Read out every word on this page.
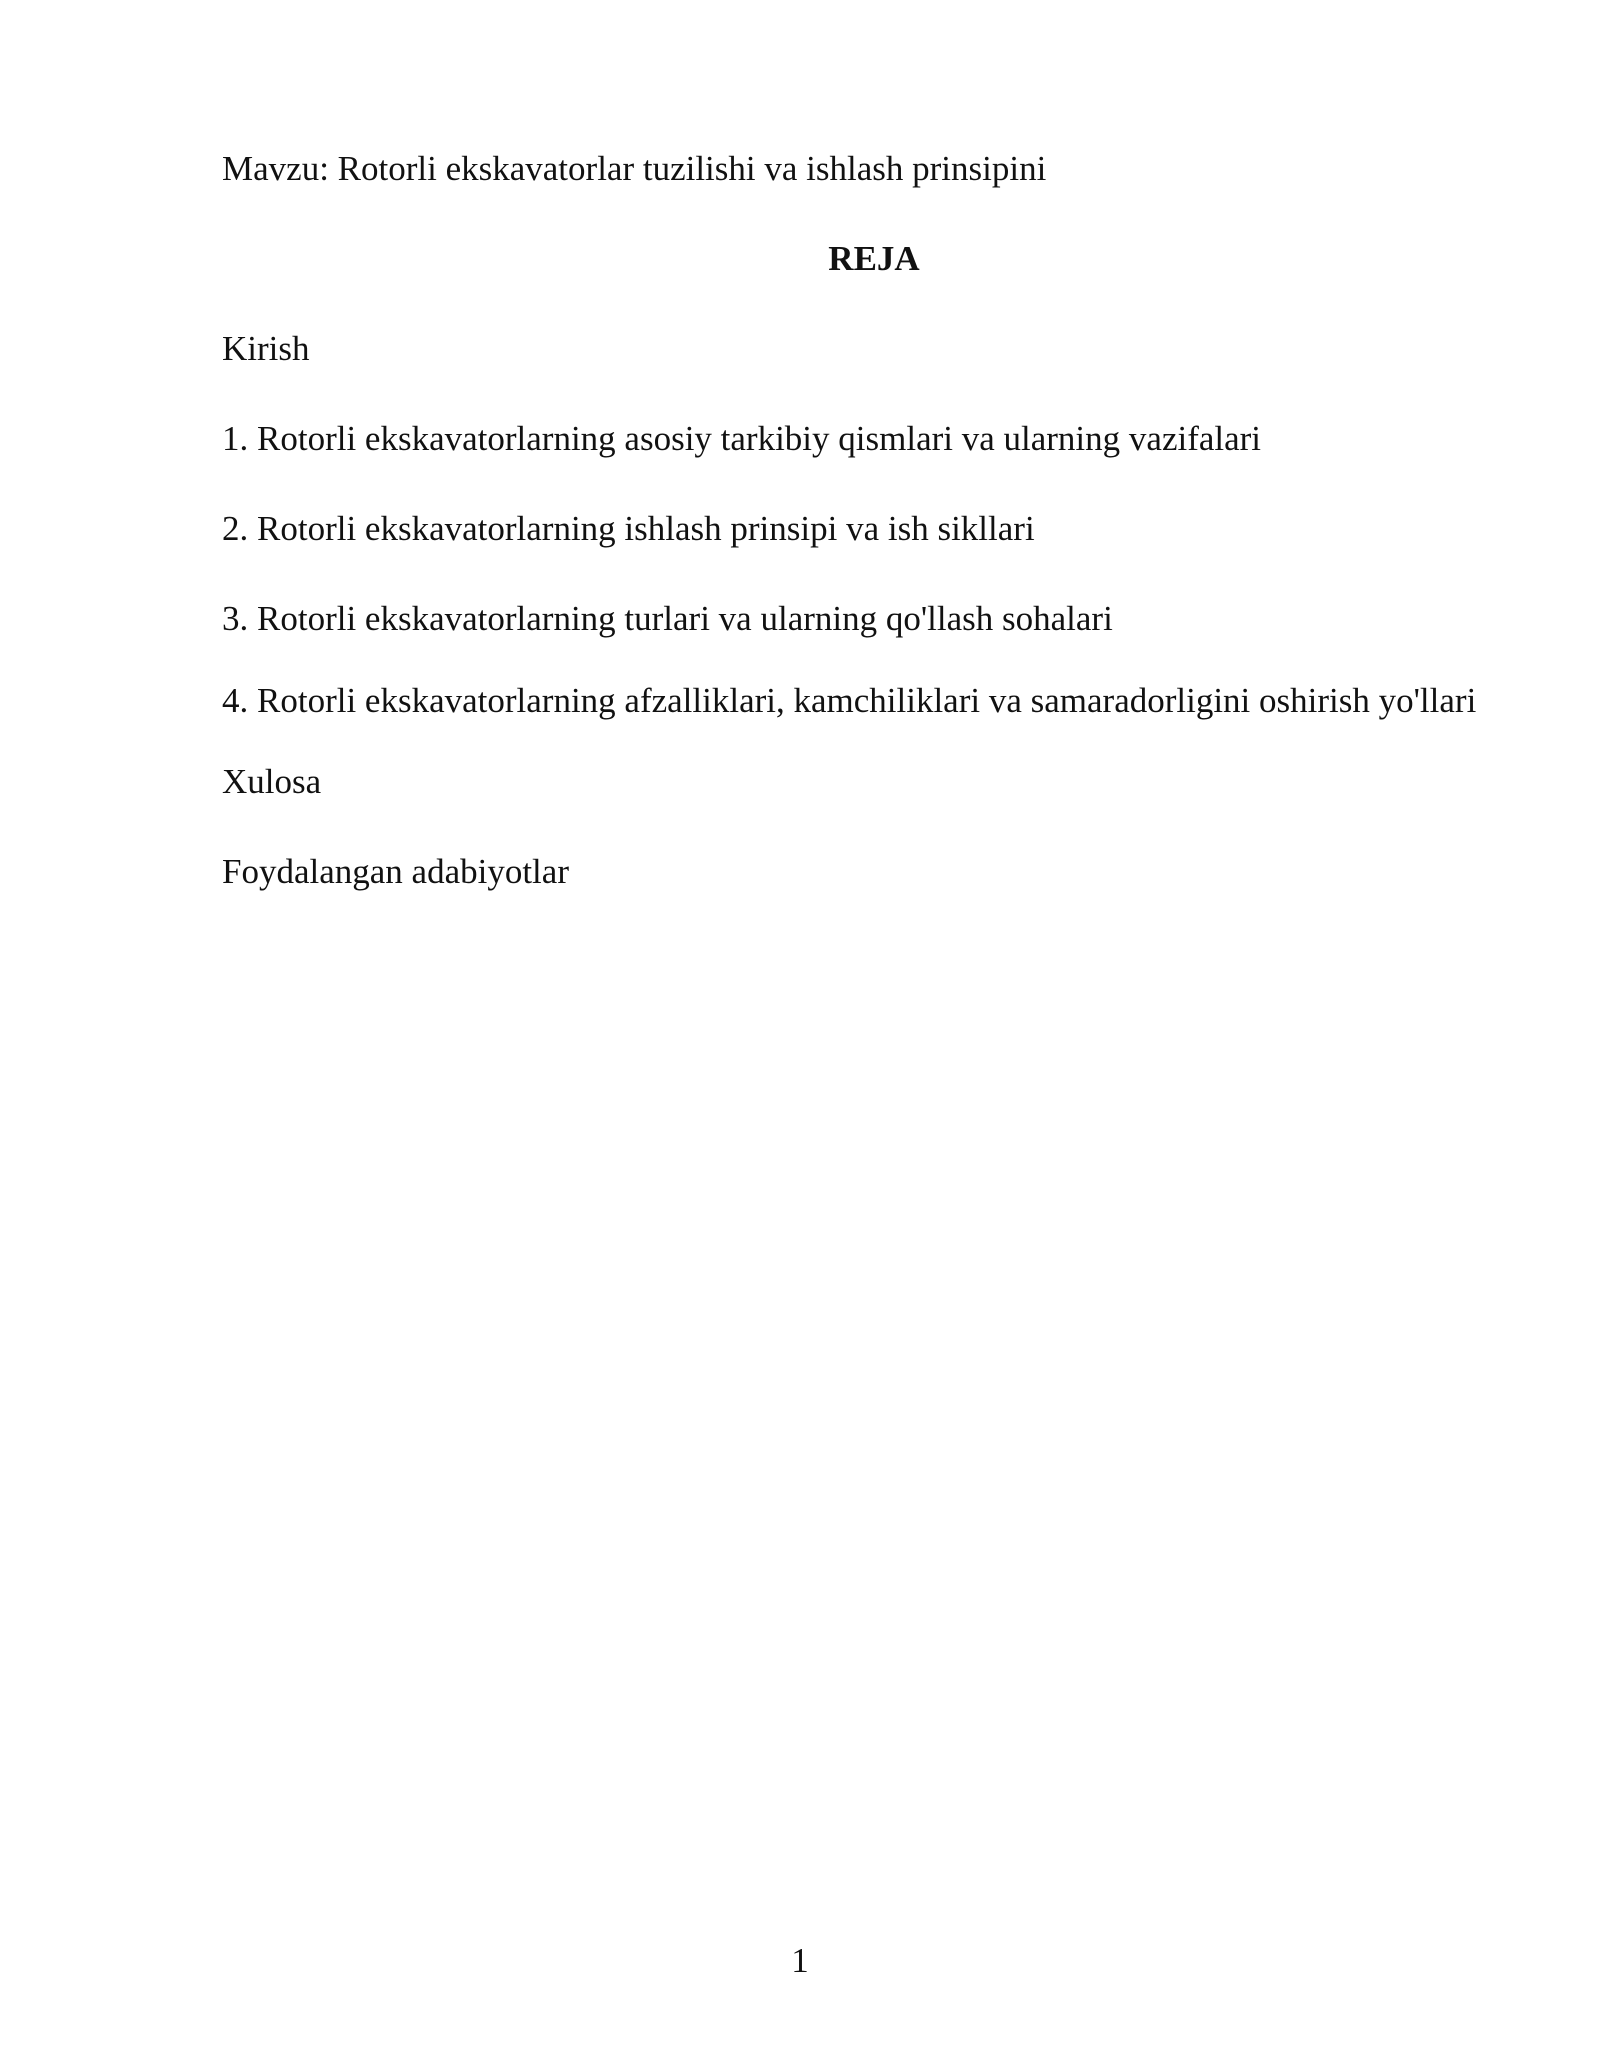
Mavzu: Rotorli ekskavatorlar tuzilishi va ishlash prinsipini

REJA

Kirish

1. Rotorli ekskavatorlarning asosiy tarkibiy qismlari va ularning vazifalari

2. Rotorli ekskavatorlarning ishlash prinsipi va ish sikllari

3. Rotorli ekskavatorlarning turlari va ularning qo'llash sohalari

4. Rotorli ekskavatorlarning afzalliklari, kamchiliklari va samaradorligini oshirish yo'llari

Xulosa

Foydalangan adabiyotlar

1
